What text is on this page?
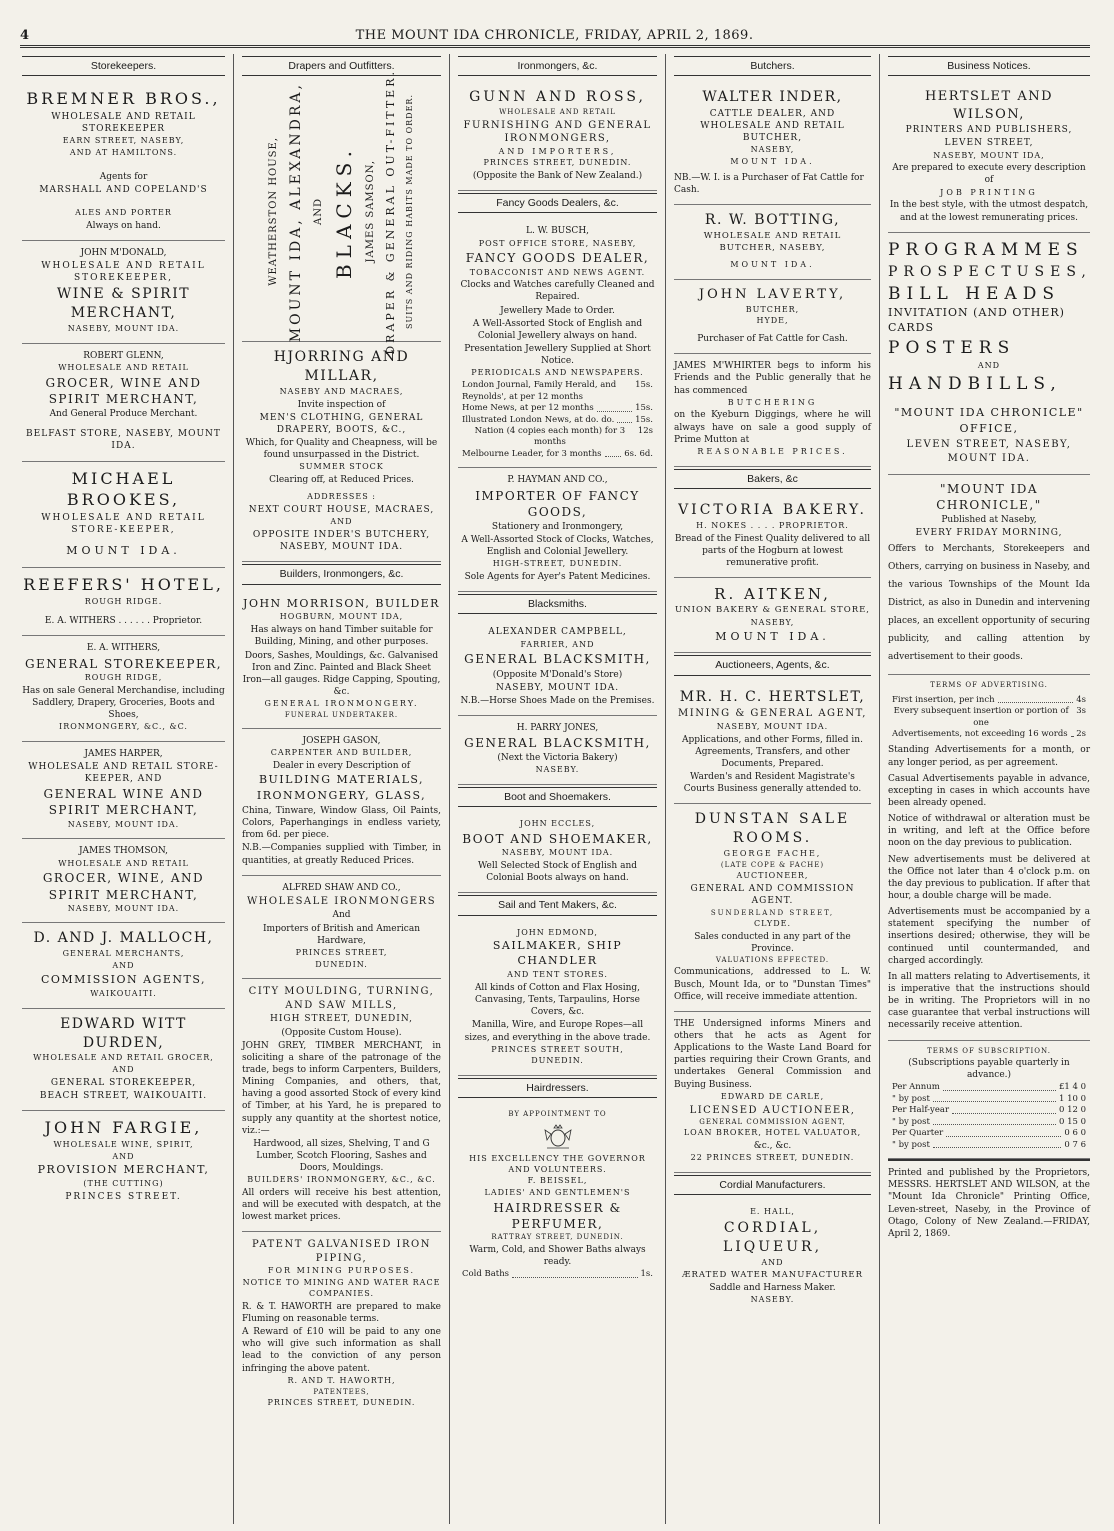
4	THE MOUNT IDA CHRONICLE, FRIDAY, APRIL 2, 1869.
Storekeepers.

BREMNER BROS.,

WHOLESALE AND RETAIL STOREKEEPER

EARN STREET, NASEBY,

AND AT HAMILTONS.

Agents for

MARSHALL AND COPELAND'S

ALES AND PORTER

Always on hand.

JOHN M'DONALD,

WHOLESALE AND RETAIL STOREKEEPER,

WINE & SPIRIT MERCHANT,

NASEBY, MOUNT IDA.

ROBERT GLENN,

WHOLESALE AND RETAIL

GROCER, WINE AND SPIRIT MERCHANT,

And General Produce Merchant.

BELFAST STORE, NASEBY, MOUNT IDA.

MICHAEL BROOKES,

WHOLESALE AND RETAIL STORE-KEEPER,

MOUNT IDA.

REEFERS' HOTEL,

ROUGH RIDGE.

E. A. WITHERS . . . . . . Proprietor.

E. A. WITHERS,

GENERAL STOREKEEPER,

ROUGH RIDGE,

Has on sale General Merchandise, including Saddlery, Drapery, Groceries, Boots and Shoes,

IRONMONGERY, &C., &C.

JAMES HARPER,

WHOLESALE AND RETAIL STORE-KEEPER, AND

GENERAL WINE AND SPIRIT MERCHANT,

NASEBY, MOUNT IDA.

JAMES THOMSON,

WHOLESALE AND RETAIL

GROCER, WINE, AND SPIRIT MERCHANT,

NASEBY, MOUNT IDA.

D. AND J. MALLOCH,

GENERAL MERCHANTS,

AND

COMMISSION AGENTS,

WAIKOUAITI.

EDWARD WITT DURDEN,

WHOLESALE AND RETAIL GROCER,

AND

GENERAL STOREKEEPER,

BEACH STREET, WAIKOUAITI.

JOHN FARGIE,

WHOLESALE WINE, SPIRIT,

AND

PROVISION MERCHANT,

(THE CUTTING)

PRINCES STREET.

Drapers and Outfitters.
WEATHERSTON HOUSE, MOUNT IDA, ALEXANDRA, AND BLACKS. JAMES SAMSON, DRAPER & GENERAL OUT-FITTER. SUITS AND RIDING HABITS MADE TO ORDER.

HJORRING AND MILLAR,

NASEBY AND MACRAES,

Invite inspection of

MEN'S CLOTHING, GENERAL DRAPERY, BOOTS, &C.,

Which, for Quality and Cheapness, will be found unsurpassed in the District.

SUMMER STOCK

Clearing off, at Reduced Prices.

ADDRESSES :

NEXT COURT HOUSE, MACRAES,

AND

OPPOSITE INDER'S BUTCHERY, NASEBY, MOUNT IDA.

Builders, Ironmongers, &c.

JOHN MORRISON, BUILDER

HOGBURN, MOUNT IDA,

Has always on hand Timber suitable for Building, Mining, and other purposes.

Doors, Sashes, Mouldings, &c. Galvanised Iron and Zinc. Painted and Black Sheet Iron—all gauges. Ridge Capping, Spouting, &c.

GENERAL IRONMONGERY.

FUNERAL UNDERTAKER.

JOSEPH GASON,

CARPENTER AND BUILDER,

Dealer in every Description of

BUILDING MATERIALS,

IRONMONGERY, GLASS,

China, Tinware, Window Glass, Oil Paints, Colors, Paperhangings in endless variety, from 6d. per piece.

N.B.—Companies supplied with Timber, in quantities, at greatly Reduced Prices.

ALFRED SHAW AND CO.,

WHOLESALE IRONMONGERS

And

Importers of British and American Hardware,

PRINCES STREET,

DUNEDIN.

CITY MOULDING, TURNING, AND SAW MILLS,

HIGH STREET, DUNEDIN,

(Opposite Custom House).

JOHN GREY, TIMBER MERCHANT, in soliciting a share of the patronage of the trade, begs to inform Carpenters, Builders, Mining Companies, and others, that, having a good assorted Stock of every kind of Timber, at his Yard, he is prepared to supply any quantity at the shortest notice, viz.:—

Hardwood, all sizes, Shelving, T and G Lumber, Scotch Flooring, Sashes and Doors, Mouldings.

BUILDERS' IRONMONGERY, &C., &C.

All orders will receive his best attention, and will be executed with despatch, at the lowest market prices.

PATENT GALVANISED IRON PIPING,

FOR MINING PURPOSES.

NOTICE TO MINING AND WATER RACE COMPANIES.

R. & T. HAWORTH are prepared to make Fluming on reasonable terms.

A Reward of £10 will be paid to any one who will give such information as shall lead to the conviction of any person infringing the above patent.

R. AND T. HAWORTH,

PATENTEES,

PRINCES STREET, DUNEDIN.

Ironmongers, &c.

GUNN AND ROSS,

WHOLESALE AND RETAIL

FURNISHING AND GENERAL IRONMONGERS,

AND IMPORTERS,

PRINCES STREET, DUNEDIN.

(Opposite the Bank of New Zealand.)

Fancy Goods Dealers, &c.

L. W. BUSCH,

POST OFFICE STORE, NASEBY,

FANCY GOODS DEALER,

TOBACCONIST AND NEWS AGENT.

Clocks and Watches carefully Cleaned and Repaired.

Jewellery Made to Order.

A Well-Assorted Stock of English and Colonial Jewellery always on hand.

Presentation Jewellery Supplied at Short Notice.

PERIODICALS AND NEWSPAPERS.

London Journal, Family Herald, and Reynolds', at per 12 months
15s.
Home News, at per 12 months	15s.
Illustrated London News, at do. do. 15s.
Nation (4 copies each month) for 3 months
12s
Melbourne Leader, for 3 months	6s. 6d.

P. HAYMAN AND CO.,

IMPORTER OF FANCY GOODS,

Stationery and Ironmongery,

A Well-Assorted Stock of Clocks, Watches, English and Colonial Jewellery.

HIGH-STREET, DUNEDIN.

Sole Agents for Ayer's Patent Medicines.

Blacksmiths.

ALEXANDER CAMPBELL,

FARRIER, AND

GENERAL BLACKSMITH,

(Opposite M'Donald's Store)

NASEBY, MOUNT IDA.

N.B.—Horse Shoes Made on the Premises.

H. PARRY JONES,

GENERAL BLACKSMITH,

(Next the Victoria Bakery)

NASEBY.

Boot and Shoemakers.

JOHN ECCLES,

BOOT AND SHOEMAKER,

NASEBY, MOUNT IDA.

Well Selected Stock of English and Colonial Boots always on hand.

Sail and Tent Makers, &c.

JOHN EDMOND,

SAILMAKER, SHIP CHANDLER

AND TENT STORES.

All kinds of Cotton and Flax Hosing, Canvasing, Tents, Tarpaulins, Horse Covers, &c.

Manilla, Wire, and Europe Ropes—all sizes, and everything in the above trade.

PRINCES STREET SOUTH,

DUNEDIN.

Hairdressers.

BY APPOINTMENT TO

HIS EXCELLENCY THE GOVERNOR AND VOLUNTEERS.

F. BEISSEL,

LADIES' AND GENTLEMEN'S

HAIRDRESSER & PERFUMER,

RATTRAY STREET, DUNEDIN.

Warm, Cold, and Shower Baths always ready.

Cold Baths	1s.
Butchers.

WALTER INDER,

CATTLE DEALER, AND WHOLESALE AND RETAIL BUTCHER,

NASEBY,

MOUNT IDA.

NB.—W. I. is a Purchaser of Fat Cattle for Cash.

R. W. BOTTING,

WHOLESALE AND RETAIL BUTCHER, NASEBY,

MOUNT IDA.

JOHN LAVERTY,

BUTCHER,

HYDE,

Purchaser of Fat Cattle for Cash.

JAMES M'WHIRTER begs to inform his Friends and the Public generally that he has commenced

BUTCHERING

on the Kyeburn Diggings, where he will always have on sale a good supply of Prime Mutton at

REASONABLE PRICES.

Bakers, &c

VICTORIA BAKERY.

H. NOKES . . . . PROPRIETOR.

Bread of the Finest Quality delivered to all parts of the Hogburn at lowest remunerative profit.

R. AITKEN,

UNION BAKERY & GENERAL STORE,

NASEBY,

MOUNT IDA.

Auctioneers, Agents, &c.

MR. H. C. HERTSLET,

MINING & GENERAL AGENT,

NASEBY, MOUNT IDA.

Applications, and other Forms, filled in. Agreements, Transfers, and other Documents, Prepared.

Warden's and Resident Magistrate's Courts Business generally attended to.

DUNSTAN SALE ROOMS.

GEORGE FACHE,

(LATE COPE & FACHE)

AUCTIONEER,

GENERAL AND COMMISSION AGENT.

SUNDERLAND STREET,

CLYDE.

Sales conducted in any part of the Province.

VALUATIONS EFFECTED.

Communications, addressed to L. W. Busch, Mount Ida, or to "Dunstan Times" Office, will receive immediate attention.

THE Undersigned informs Miners and others that he acts as Agent for Applications to the Waste Land Board for parties requiring their Crown Grants, and undertakes General Commission and Buying Business.

EDWARD DE CARLE,

LICENSED AUCTIONEER,

GENERAL COMMISSION AGENT,

LOAN BROKER, HOTEL VALUATOR,

&c., &c.

22 PRINCES STREET, DUNEDIN.

Cordial Manufacturers.

E. HALL,

CORDIAL, LIQUEUR,

AND

ÆRATED WATER MANUFACTURER

Saddle and Harness Maker.

NASEBY.

Business Notices.

HERTSLET AND WILSON,

PRINTERS AND PUBLISHERS,

LEVEN STREET,

NASEBY, MOUNT IDA,

Are prepared to execute every description of

JOB PRINTING

In the best style, with the utmost despatch, and at the lowest remunerating prices.

PROGRAMMES

PROSPECTUSES,

BILL HEADS

INVITATION (AND OTHER) CARDS

POSTERS

AND

HANDBILLS,

"MOUNT IDA CHRONICLE"

OFFICE,

LEVEN STREET, NASEBY,

MOUNT IDA.

"MOUNT IDA CHRONICLE,"

Published at Naseby,

EVERY FRIDAY MORNING,

Offers to Merchants, Storekeepers and Others, carrying on business in Naseby, and the various Townships of the Mount Ida District, as also in Dunedin and intervening places, an excellent opportunity of securing publicity, and calling attention by advertisement to their goods.

TERMS OF ADVERTISING.

First insertion, per inch	4s
Every subsequent insertion or portion of one
3s
Advertisements, not exceeding 16 words 2s

Standing Advertisements for a month, or any longer period, as per agreement.

Casual Advertisements payable in advance, excepting in cases in which accounts have been already opened.

Notice of withdrawal or alteration must be in writing, and left at the Office before noon on the day previous to publication.

New advertisements must be delivered at the Office not later than 4 o'clock p.m. on the day previous to publication. If after that hour, a double charge will be made.

Advertisements must be accompanied by a statement specifying the number of insertions desired; otherwise, they will be continued until countermanded, and charged accordingly.

In all matters relating to Advertisements, it is imperative that the instructions should be in writing. The Proprietors will in no case guarantee that verbal instructions will necessarily receive attention.

TERMS OF SUBSCRIPTION.

(Subscriptions payable quarterly in advance.)

Per Annum	£1 4 0
" by post	1 10 0
Per Half-year	0 12 0
" by post	0 15 0
Per Quarter	0 6 0
" by post	0 7 6

Printed and published by the Proprietors, MESSRS. HERTSLET AND WILSON, at the "Mount Ida Chronicle" Printing Office, Leven-street, Naseby, in the Province of Otago, Colony of New Zealand.—FRIDAY, April 2, 1869.
